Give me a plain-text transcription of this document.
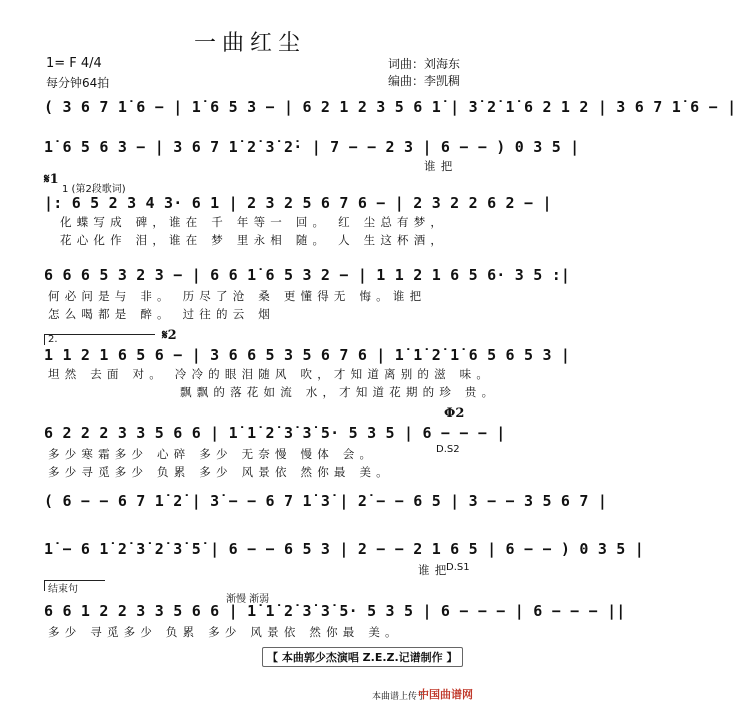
一曲红尘
1= F 4/4
每分钟64拍
词曲：刘海东
编曲：李凯稠
( 3 6 7 1̇ 6 − | 1̇ 6 5 3 − | 6 2 1 2 3 5 6 1̇ | 3̇ 2̇ 1̇ 6 2 1 2 | 3 6 7 1̇ 6 − |
1̇ 6 5 6 3 − | 3 6 7 1̇ 2̇ 3̇ 2̇· | 7 − − 2 3 | 6 − − ) 0 3 5 |
谁把
𝄋1
1 (第2段歌词)
|: 6 5 2 3 4 3· 6 1 | 2 3 2 5 6 7 6 − | 2 3 2 2 6 2 − |
化蝶写成 碑，谁在 千 年等一 回。 红 尘总有梦，
花心化作 泪，谁在 梦 里永相 随。 人 生这杯酒，
6 6 6 5 3 2 3 − | 6 6 1̇ 6 5 3 2 − | 1 1 2 1 6 5 6· 3 5 :|
何必问是与 非。 历尽了沧 桑 更懂得无 悔。谁把
怎么喝都是 醉。 过往的云 烟
2.	𝄋2
1 1 2 1 6 5 6 − | 3 6 6 5 3 5 6 7 6 | 1̇ 1̇ 2̇ 1̇ 6 5 6 5 3 |
坦然 去面 对。 冷冷的眼泪随风 吹，才知道离别的滋 味。
飘飘的落花如流 水，才知道花期的珍 贵。
Φ2
6 2 2 2 3 3 5 6 6 | 1̇ 1̇ 2̇ 3̇ 3̇ 5· 5 3 5 | 6 − − − |
D.S2
多少寒霜多少 心碎 多少 无奈慢 慢体 会。
多少寻觅多少 负累 多少 风景依 然你最 美。
( 6 − − 6 7 1̇ 2̇ | 3̇ − − 6 7 1̇ 3̇ | 2̇ − − 6 5 | 3 − − 3 5 6 7 |
1̇ − 6 1̇ 2̇ 3̇ 2̇ 3̇ 5̇ | 6 − − 6 5 3 | 2 − − 2 1 6 5 | 6 − − ) 0 3 5 |
谁把
D.S1
结束句
渐慢 渐弱
6 6 1 2 2 3 3 5 6 6 | 1̇ 1̇ 2̇ 3̇ 3̇ 5· 5 3 5 | 6 − − − | 6 − − − ||
多少 寻觅多少 负累 多少 风景依 然你最 美。
【 本曲郭少杰演唱 Z.E.Z.记谱制作 】
本曲谱上传于
中国曲谱网
